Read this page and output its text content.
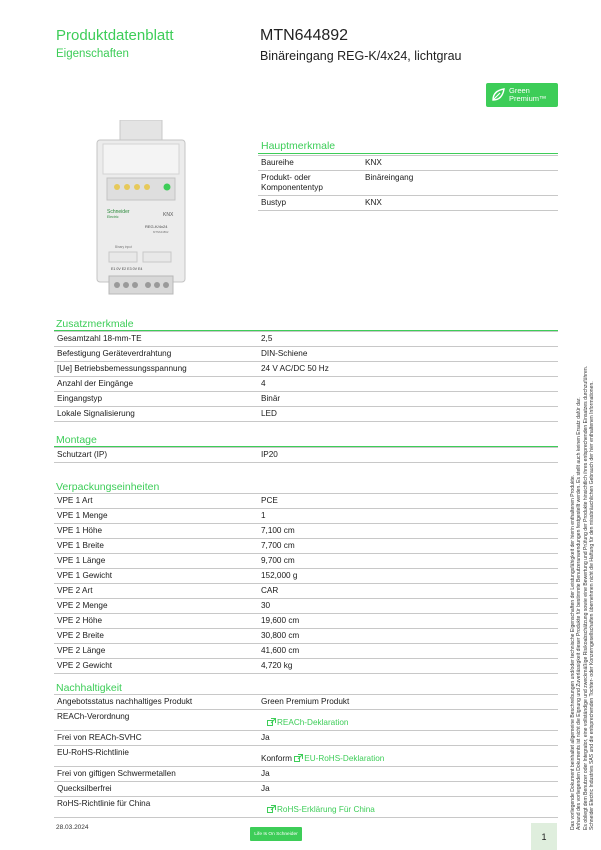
Produktdatenblatt
Eigenschaften
MTN644892
Binäreingang REG-K/4x24, lichtgrau
Green
Premium™
Schneider
Electric	KNX
REG-K/4x24
MTN644892
Binary input
E1 0V E2 E3 0V E4
Hauptmerkmale
Baureihe	KNX
Produkt- oder Komponententyp	Binäreingang
Bustyp	KNX
Zusatzmerkmale
Gesamtzahl 18-mm-TE	2,5
Befestigung Geräteverdrahtung	DIN-Schiene
[Ue] Betriebsbemessungsspannung	24 V AC/DC 50 Hz
Anzahl der Eingänge	4
Eingangstyp	Binär
Lokale Signalisierung	LED
Montage
Schutzart (IP)	IP20
Verpackungseinheiten
VPE 1 Art	PCE
VPE 1 Menge	1
VPE 1 Höhe	7,100 cm
VPE 1 Breite	7,700 cm
VPE 1 Länge	9,700 cm
VPE 1 Gewicht	152,000 g
VPE 2 Art	CAR
VPE 2 Menge	30
VPE 2 Höhe	19,600 cm
VPE 2 Breite	30,800 cm
VPE 2 Länge	41,600 cm
VPE 2 Gewicht	4,720 kg
Nachhaltigkeit
Angebotsstatus nachhaltiges Produkt	Green Premium Produkt
REACh-Verordnung	REACh-Deklaration
Frei von REACh-SVHC	Ja
EU-RoHS-Richtlinie	Konform EU-RoHS-Deklaration
Frei von giftigen Schwermetallen	Ja
Quecksilberfrei	Ja
RoHS-Richtlinie für China	RoHS-Erklärung Für China	Das vorliegende Dokument beinhaltet allgemeine Beschreibungen und/oder technische Eigenschaften der Leistungsfähigkeit der hierin enthaltenen Produkte. Anhand des vorliegenden Dokuments ist nicht die Eignung und Zuverlässigkeit dieser Produkte für bestimmte Benutzeranwendungen festgestellt werden. Es stellt auch keinen Ersatz dafür dar. Es obliegt dem Benutzer oder Integrator, eine vollständige und zweckmäßige Risikoabschätzung sowie eine Bewertung und Prüfung der Produkte hinsichtlich ihres entsprechenden Einsatzes durchzuführen. Schneider Electric Industries SAS und die entsprechenden Tochter- oder Konzerngesellschaften übernehmen nicht die Haftung für den missbräuchlichen Gebrauch der hier enthaltenen Informationen.
28.03.2024
Life Is On Schneider	1
